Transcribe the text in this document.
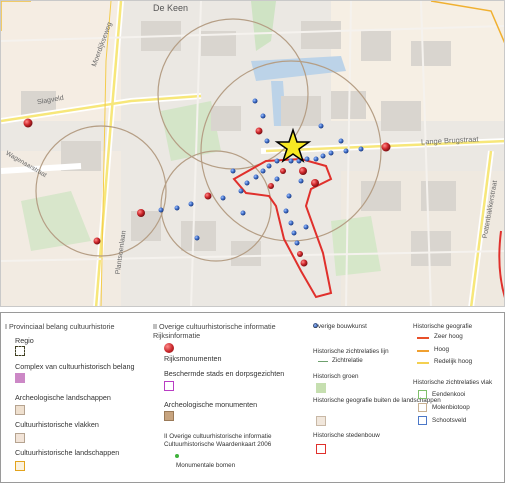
De Keen
Slagveld
Lange Brugstraat
Pottenbakkerstraat
Plantsoenlaan
Moerdijkseweg
Wagenaarstraat
I Provinciaal belang cultuurhistorie
Regio
Complex van cultuurhistorisch belang
Archeologische landschappen
Cultuurhistorische vlakken
Cultuurhistorische landschappen
II Overige cultuurhistorische informatie
Rijksinformatie
Rijksmonumenten
Beschermde stads en dorpsgezichten
Archeologische monumenten
II Overige cultuurhistorische informatie
Cultuurhistorische Waardenkaart 2006
Monumentale bomen
Overige bouwkunst
Historische zichtrelaties lijn
Zichtrelatie
Historisch groen
Historische geografie buiten de landschappen
Historische stedenbouw
Historische geografie
Zeer hoog
Hoog
Redelijk hoog
Historische zichtrelaties vlak
Eendenkooi
Molenbiotoop
Schootsveld
